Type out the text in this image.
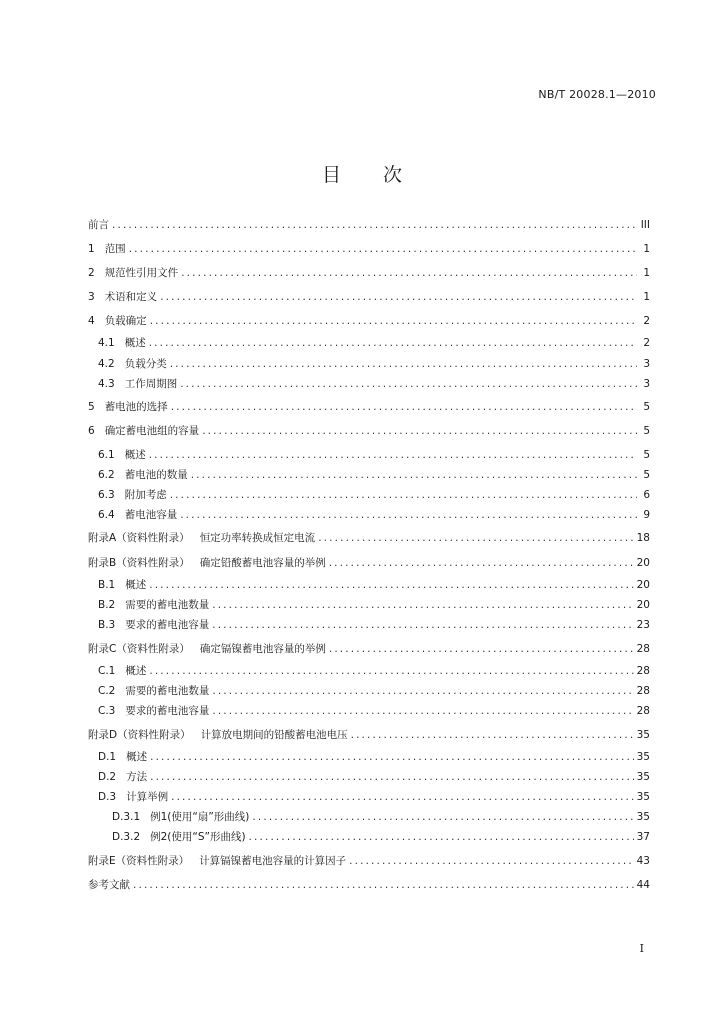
NB/T 20028.1—2010
目 次
前言 . . .	III
1 范围 . . .	1
2 规范性引用文件 . . .	1
3 术语和定义 . . .	1
4 负载确定 . . .	2
4.1 概述 . . .	2
4.2 负载分类 . . .	3
4.3 工作周期图 . . .	3
5 蓄电池的选择 . . .	5
6 确定蓄电池组的容量 . . .	5
6.1 概述 . . .	5
6.2 蓄电池的数量 . . .	5
6.3 附加考虑 . . .	6
6.4 蓄电池容量 . . .	9
附录A（资料性附录） 恒定功率转换成恒定电流 . . .	18
附录B（资料性附录） 确定铅酸蓄电池容量的举例 . . .	20
B.1 概述 . . .	20
B.2 需要的蓄电池数量 . . .	20
B.3 要求的蓄电池容量 . . .	23
附录C（资料性附录） 确定镉镍蓄电池容量的举例 . . .	28
C.1 概述 . . .	28
C.2 需要的蓄电池数量 . . .	28
C.3 要求的蓄电池容量 . . .	28
附录D（资料性附录） 计算放电期间的铅酸蓄电池电压 . . .	35
D.1 概述 . . .	35
D.2 方法 . . .	35
D.3 计算举例 . . .	35
D.3.1 例1(使用“扇”形曲线) . . .	35
D.3.2 例2(使用“S”形曲线) . . .	37
附录E（资料性附录） 计算镉镍蓄电池容量的计算因子 . . .	43
参考文献 . . .	44
I
